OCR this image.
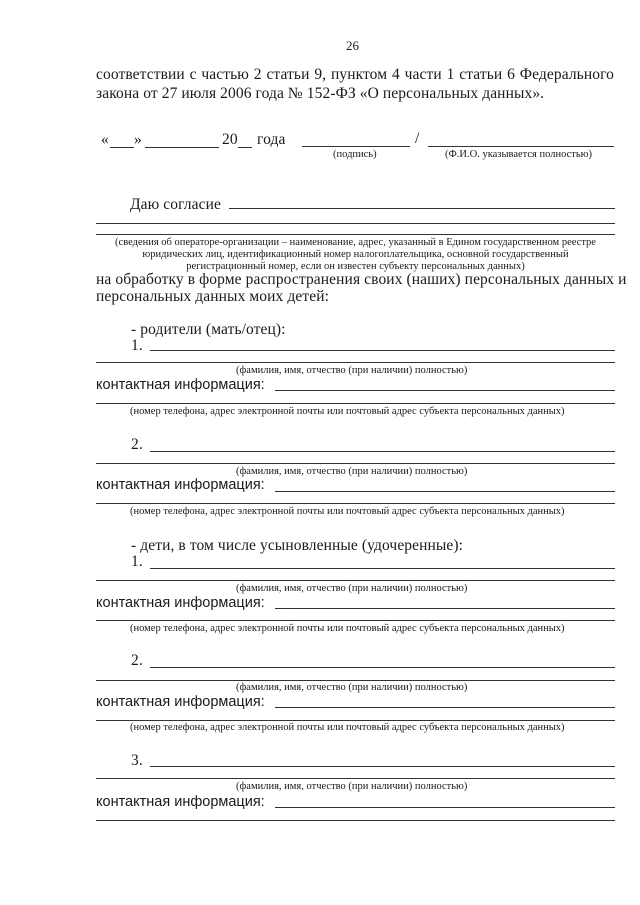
26
соответствии с частью 2 статьи 9, пунктом 4 части 1 статьи 6 Федерального
закона от 27 июля 2006 года № 152-ФЗ «О персональных данных».
« »	20 года	/
(подпись)	(Ф.И.О. указывается полностью)
Даю согласие
(сведения об операторе-организации – наименование, адрес, указанный в Едином государственном реестре
юридических лиц, идентификационный номер налогоплательщика, основной государственный
регистрационный номер, если он известен субъекту персональных данных)
на обработку в форме распространения своих (наших) персональных данных и
персональных данных моих детей:
- родители (мать/отец):
1.
(фамилия, имя, отчество (при наличии) полностью)
контактная информация:
(номер телефона, адрес электронной почты или почтовый адрес субъекта персональных данных)
2.
(фамилия, имя, отчество (при наличии) полностью)
контактная информация:
(номер телефона, адрес электронной почты или почтовый адрес субъекта персональных данных)
- дети, в том числе усыновленные (удочеренные):
1.
(фамилия, имя, отчество (при наличии) полностью)
контактная информация:
(номер телефона, адрес электронной почты или почтовый адрес субъекта персональных данных)
2.
(фамилия, имя, отчество (при наличии) полностью)
контактная информация:
(номер телефона, адрес электронной почты или почтовый адрес субъекта персональных данных)
3.
(фамилия, имя, отчество (при наличии) полностью)
контактная информация:
